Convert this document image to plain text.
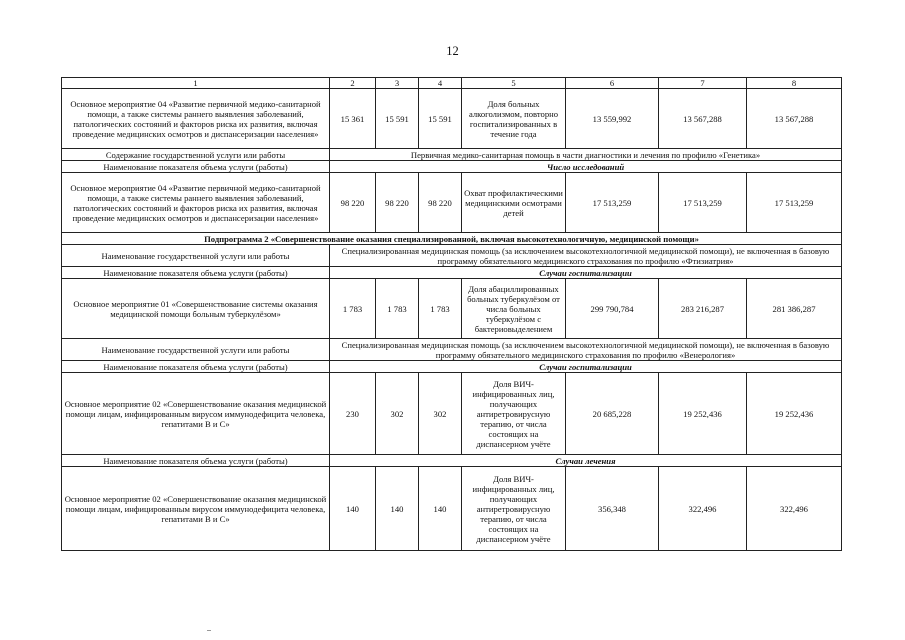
12
1	2	3	4	5	6	7	8
Основное мероприятие 04 «Развитие первичной медико-санитарной помощи, а также системы раннего выявления заболеваний, патологических состояний и факторов риска их развития, включая проведение медицинских осмотров и диспансеризации населения»	15 361	15 591	15 591	Доля больных алкоголизмом, повторно госпитализированных в течение года	13 559,992	13 567,288	13 567,288
Содержание государственной услуги или работы	Первичная медико-санитарная помощь в части диагностики и лечения по профилю «Генетика»						
Наименование показателя объема услуги (работы)	Число исследований						
Основное мероприятие 04 «Развитие первичной медико-санитарной помощи, а также системы раннего выявления заболеваний, патологических состояний и факторов риска их развития, включая проведение медицинских осмотров и диспансеризации населения»	98 220	98 220	98 220	Охват профилактическими медицинскими осмотрами детей	17 513,259	17 513,259	17 513,259
Подпрограмма 2 «Совершенствование оказания специализированной, включая высокотехнологичную, медицинской помощи»							
Наименование государственной услуги или работы	Специализированная медицинская помощь (за исключением высокотехнологичной медицинской помощи), не включенная в базовую программу обязательного медицинского страхования по профилю «Фтизиатрия»						
Наименование показателя объема услуги (работы)	Случаи госпитализации						
Основное мероприятие 01 «Совершенствование системы оказания медицинской помощи больным туберкулёзом»	1 783	1 783	1 783	Доля абациллированных больных туберкулёзом от числа больных туберкулёзом с бактериовыделением	299 790,784	283 216,287	281 386,287
Наименование государственной услуги или работы	Специализированная медицинская помощь (за исключением высокотехнологичной медицинской помощи), не включенная в базовую программу обязательного медицинского страхования по профилю «Венерология»						
Наименование показателя объема услуги (работы)	Случаи госпитализации						
Основное мероприятие 02 «Совершенствование оказания медицинской помощи лицам, инфицированным вирусом иммунодефицита человека, гепатитами В и С»	230	302	302	Доля ВИЧ-инфицированных лиц, получающих антиретровирусную терапию, от числа состоящих на диспансерном учёте	20 685,228	19 252,436	19 252,436
Наименование показателя объема услуги (работы)	Случаи лечения						
Основное мероприятие 02 «Совершенствование оказания медицинской помощи лицам, инфицированным вирусом иммунодефицита человека, гепатитами В и С»	140	140	140	Доля ВИЧ-инфицированных лиц, получающих антиретровирусную терапию, от числа состоящих на диспансерном учёте	356,348	322,496	322,496
